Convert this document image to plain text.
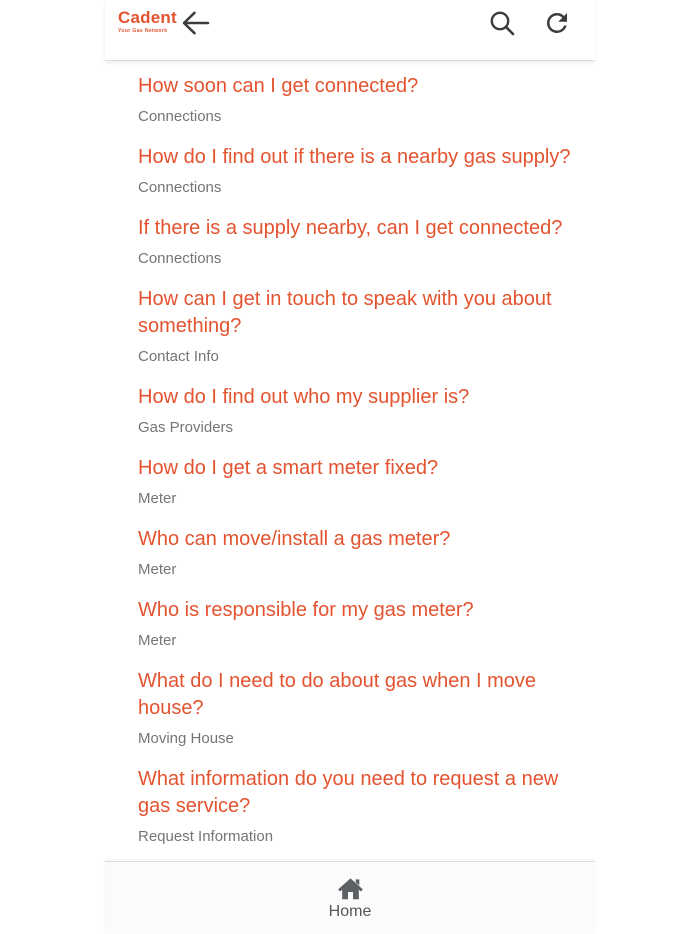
Cadent
Your Gas Network
How soon can I get connected?
Connections
How do I find out if there is a nearby gas supply?
Connections
If there is a supply nearby, can I get connected?
Connections
How can I get in touch to speak with you about something?
Contact Info
How do I find out who my supplier is?
Gas Providers
How do I get a smart meter fixed?
Meter
Who can move/install a gas meter?
Meter
Who is responsible for my gas meter?
Meter
What do I need to do about gas when I move house?
Moving House
What information do you need to request a new gas service?
Request Information
Home
